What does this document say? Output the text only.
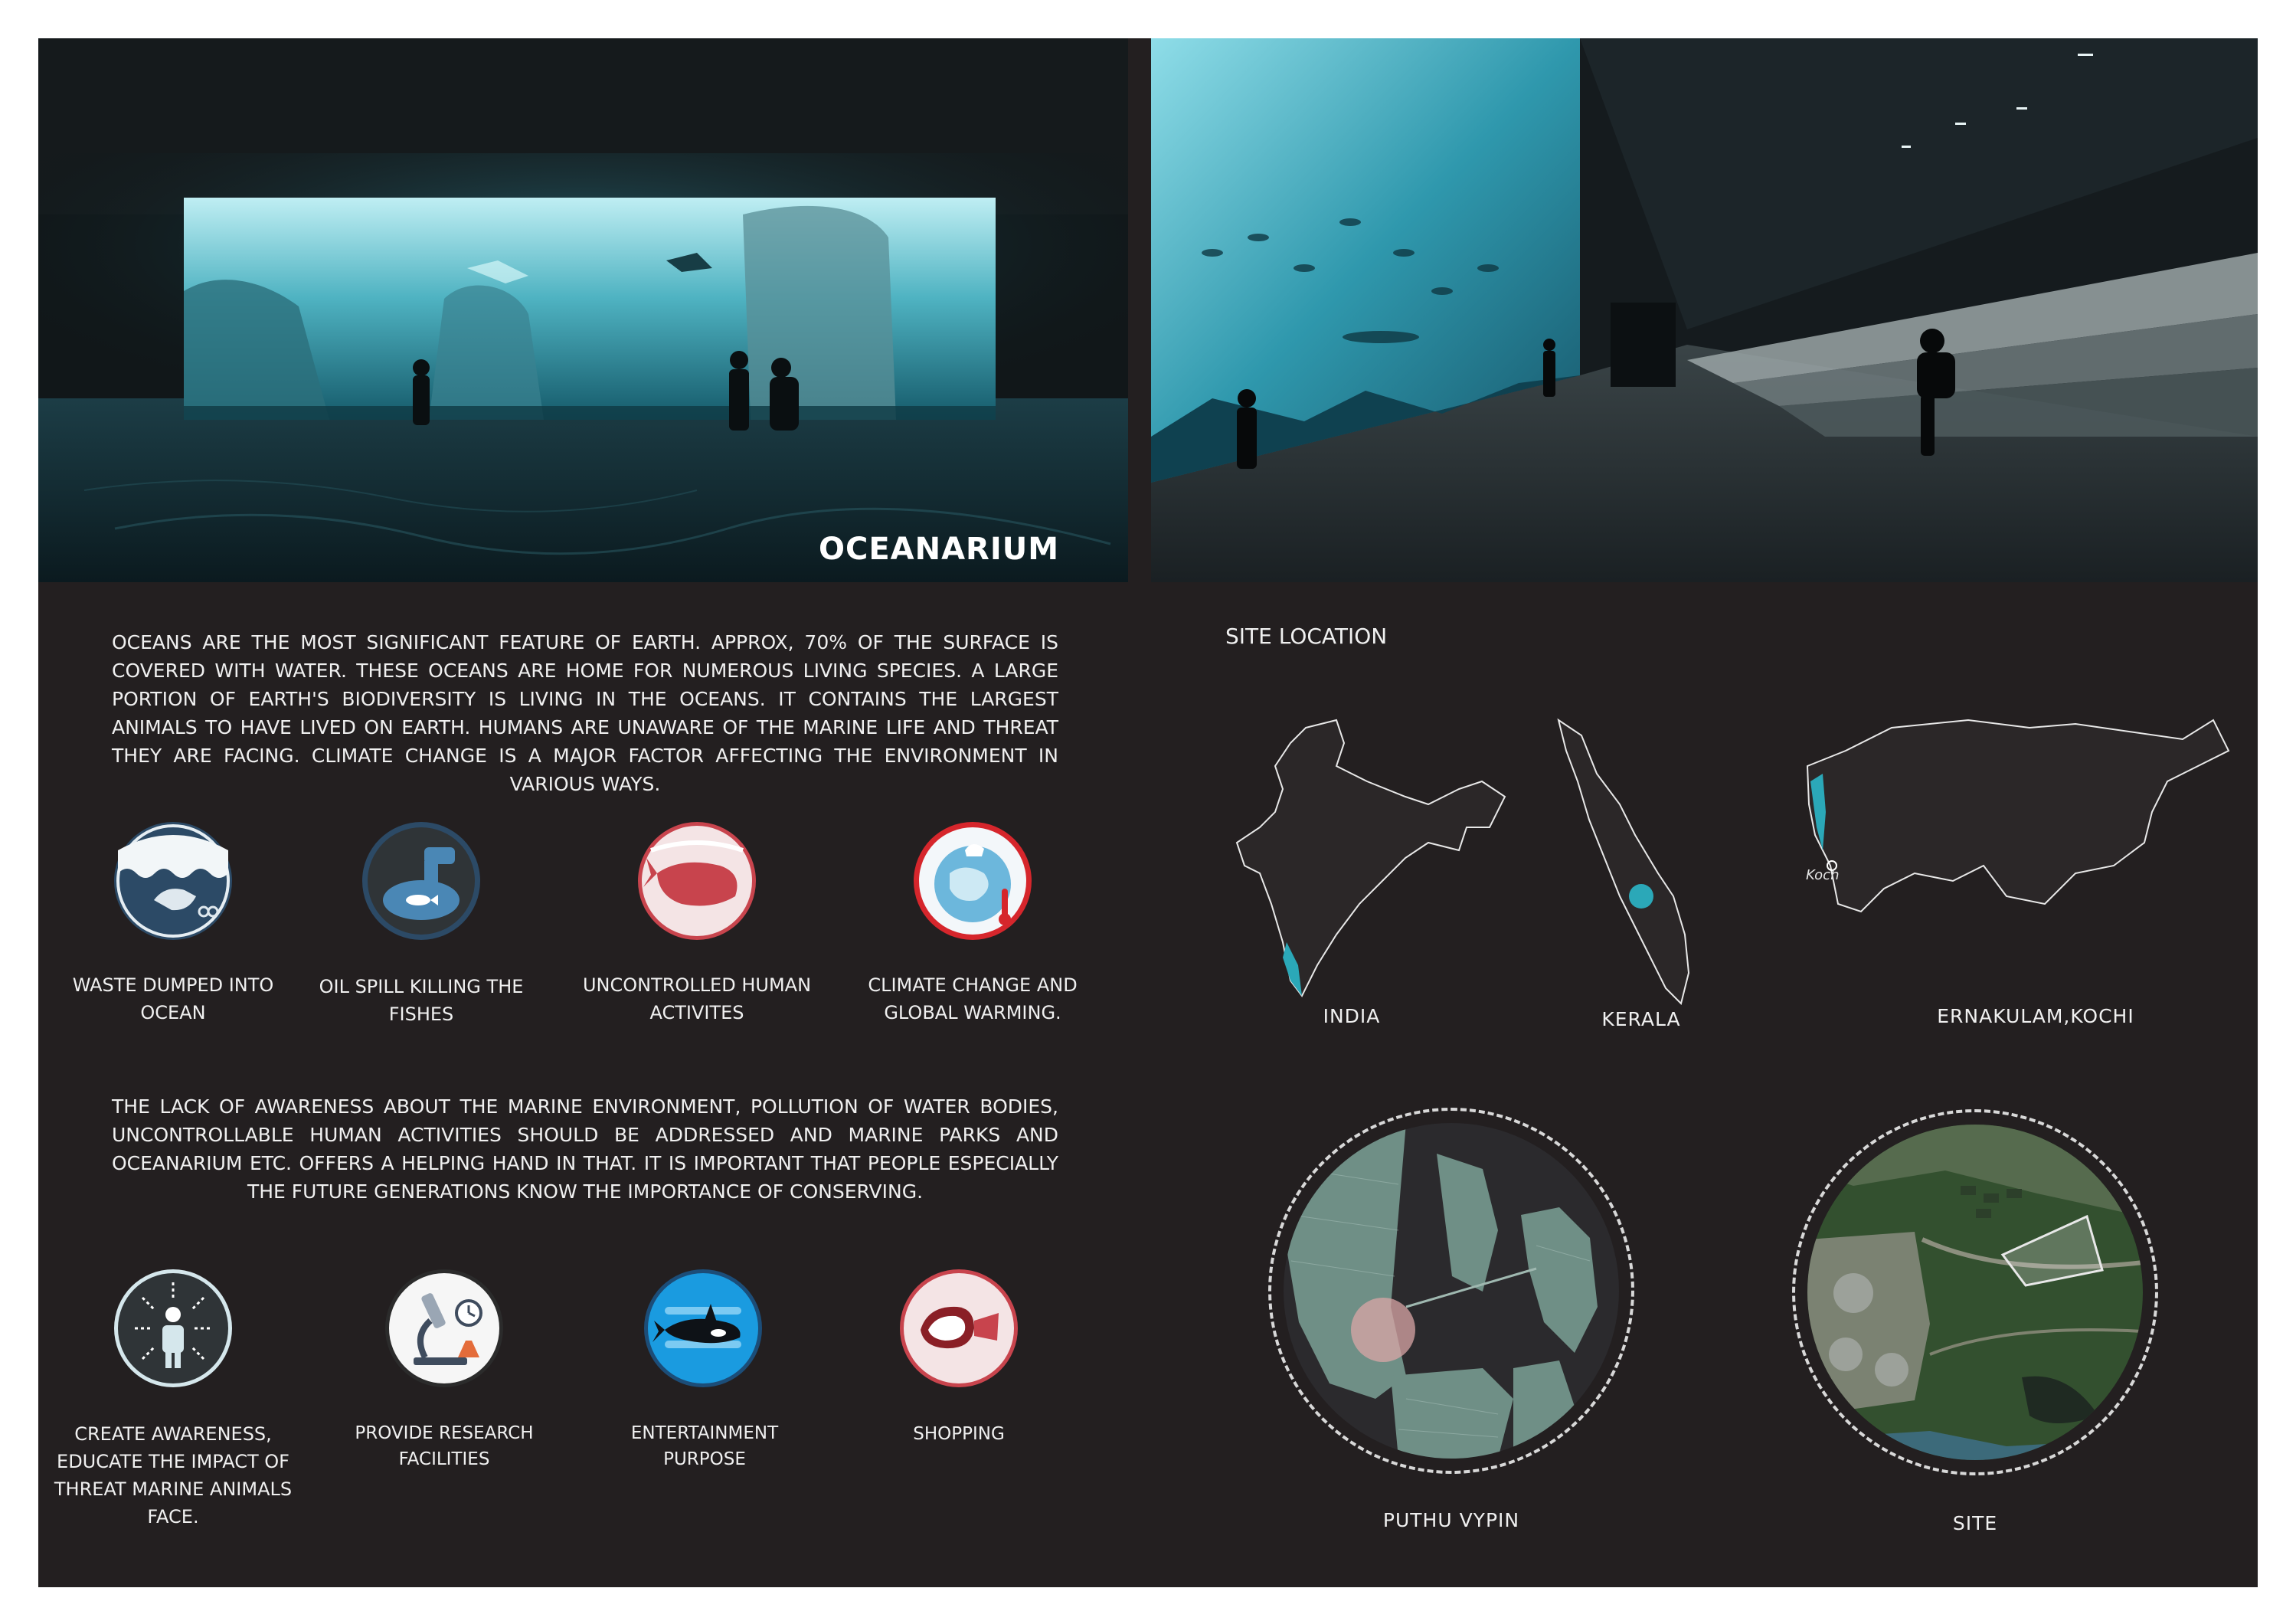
OCEANARIUM
OCEANS ARE THE MOST SIGNIFICANT FEATURE OF EARTH. APPROX, 70% OF THE SURFACE IS COVERED WITH WATER. THESE OCEANS ARE HOME FOR NUMEROUS LIVING SPECIES. A LARGE PORTION OF EARTH'S BIODIVERSITY IS LIVING IN THE OCEANS. IT CONTAINS THE LARGEST ANIMALS TO HAVE LIVED ON EARTH. HUMANS ARE UNAWARE OF THE MARINE LIFE AND THREAT THEY ARE FACING. CLIMATE CHANGE IS A MAJOR FACTOR AFFECTING THE ENVIRONMENT IN VARIOUS WAYS.
WASTE DUMPED INTO OCEAN
OIL SPILL KILLING THE FISHES
UNCONTROLLED HUMAN ACTIVITES
CLIMATE CHANGE AND GLOBAL WARMING.
THE LACK OF AWARENESS ABOUT THE MARINE ENVIRONMENT, POLLUTION OF WATER BODIES, UNCONTROLLABLE HUMAN ACTIVITIES SHOULD BE ADDRESSED AND MARINE PARKS AND OCEANARIUM ETC. OFFERS A HELPING HAND IN THAT. IT IS IMPORTANT THAT PEOPLE ESPECIALLY THE FUTURE GENERATIONS KNOW THE IMPORTANCE OF CONSERVING.
CREATE AWARENESS, EDUCATE THE IMPACT OF THREAT MARINE ANIMALS FACE.
PROVIDE RESEARCH FACILITIES
ENTERTAINMENT PURPOSE
SHOPPING
SITE LOCATION
INDIA	KERALA
Koch
ERNAKULAM,KOCHI
PUTHU VYPIN	SITE
